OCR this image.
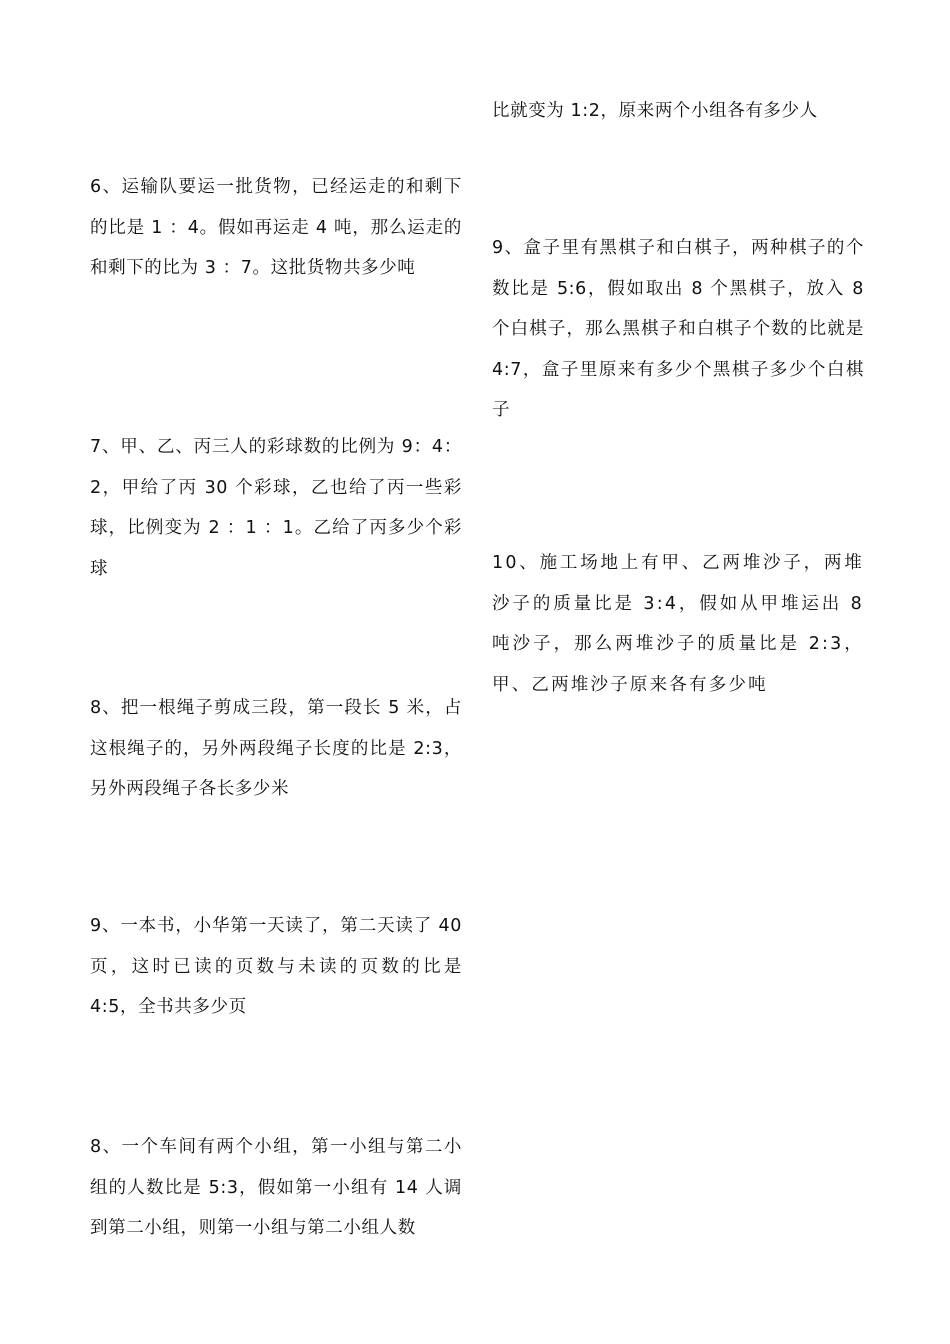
6、运输队要运一批货物，已经运走的和剩下的比是 1 ：4。假如再运走 4 吨，那么运走的和剩下的比为 3 ：7。这批货物共多少吨

7、甲、乙、丙三人的彩球数的比例为 9：4：2，甲给了丙 30 个彩球，乙也给了丙一些彩球，比例变为 2 ：1 ：1。乙给了丙多少个彩球

8、把一根绳子剪成三段，第一段长 5 米，占这根绳子的，另外两段绳子长度的比是 2:3，另外两段绳子各长多少米

9、一本书，小华第一天读了，第二天读了 40 页，这时已读的页数与未读的页数的比是 4:5，全书共多少页

8、一个车间有两个小组，第一小组与第二小组的人数比是 5:3，假如第一小组有 14 人调到第二小组，则第一小组与第二小组人数

比就变为 1:2，原来两个小组各有多少人

9、盒子里有黑棋子和白棋子，两种棋子的个数比是 5:6，假如取出 8 个黑棋子，放入 8 个白棋子，那么黑棋子和白棋子个数的比就是 4:7，盒子里原来有多少个黑棋子多少个白棋子

10、施工场地上有甲、乙两堆沙子，两堆沙子的质量比是 3:4，假如从甲堆运出 8 吨沙子，那么两堆沙子的质量比是 2:3，甲、乙两堆沙子原来各有多少吨
